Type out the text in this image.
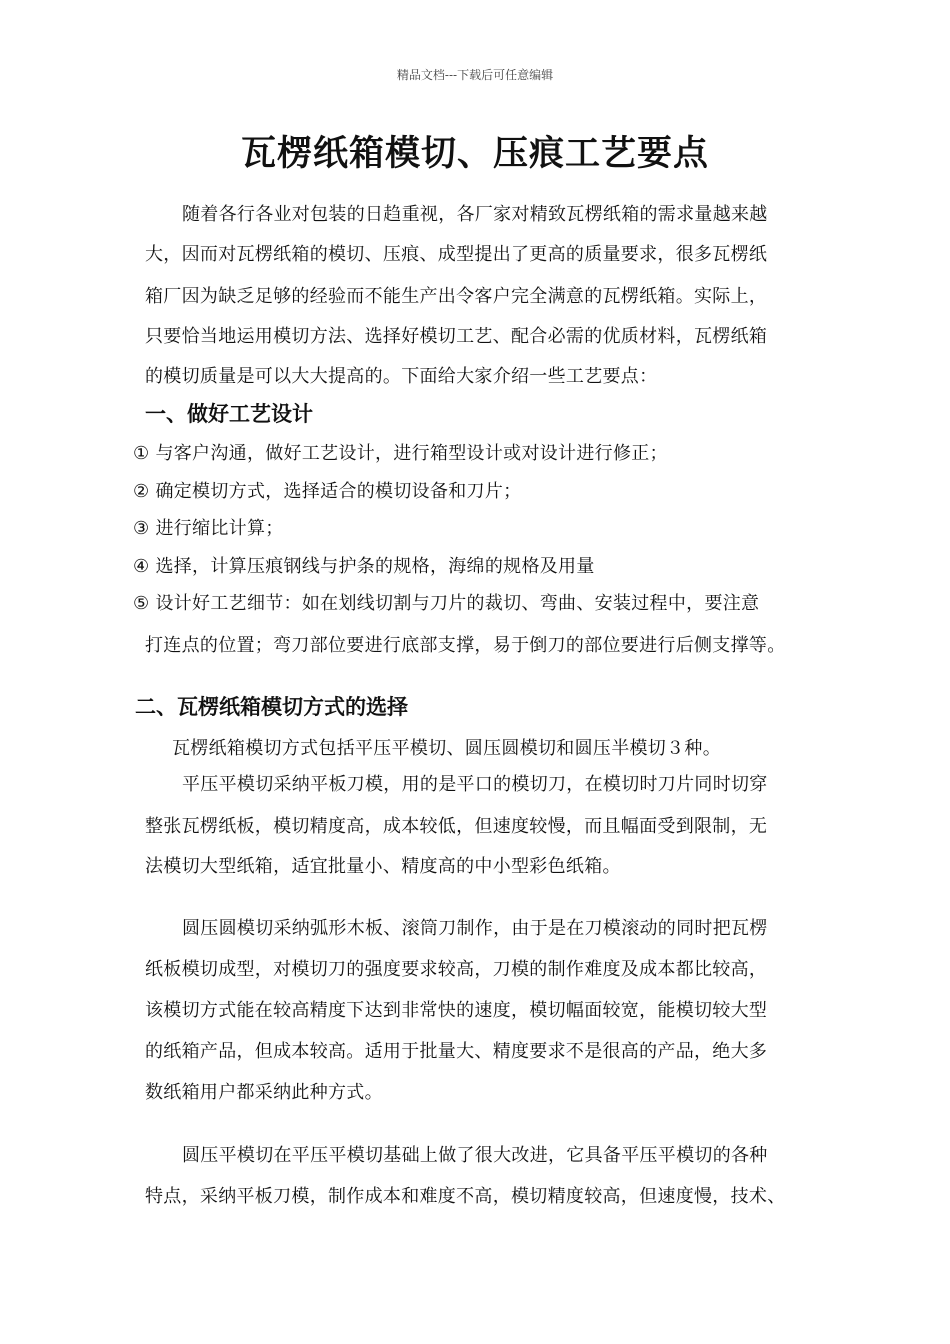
精品文档---下载后可任意编辑
瓦楞纸箱模切、压痕工艺要点

随着各行各业对包装的日趋重视，各厂家对精致瓦楞纸箱的需求量越来越

大，因而对瓦楞纸箱的模切、压痕、成型提出了更高的质量要求，很多瓦楞纸

箱厂因为缺乏足够的经验而不能生产出令客户完全满意的瓦楞纸箱。实际上，

只要恰当地运用模切方法、选择好模切工艺、配合必需的优质材料，瓦楞纸箱

的模切质量是可以大大提高的。下面给大家介绍一些工艺要点：

一、做好工艺设计

① 与客户沟通，做好工艺设计，进行箱型设计或对设计进行修正；

② 确定模切方式，选择适合的模切设备和刀片；

③ 进行缩比计算；

④ 选择，计算压痕钢线与护条的规格，海绵的规格及用量

⑤ 设计好工艺细节：如在划线切割与刀片的裁切、弯曲、安装过程中，要注意

打连点的位置；弯刀部位要进行底部支撑，易于倒刀的部位要进行后侧支撑等。

二、瓦楞纸箱模切方式的选择

瓦楞纸箱模切方式包括平压平模切、圆压圆模切和圆压半模切３种。

平压平模切采纳平板刀模，用的是平口的模切刀，在模切时刀片同时切穿

整张瓦楞纸板，模切精度高，成本较低，但速度较慢，而且幅面受到限制，无

法模切大型纸箱，适宜批量小、精度高的中小型彩色纸箱。

圆压圆模切采纳弧形木板、滚筒刀制作，由于是在刀模滚动的同时把瓦楞

纸板模切成型，对模切刀的强度要求较高，刀模的制作难度及成本都比较高，

该模切方式能在较高精度下达到非常快的速度，模切幅面较宽，能模切较大型

的纸箱产品，但成本较高。适用于批量大、精度要求不是很高的产品，绝大多

数纸箱用户都采纳此种方式。

圆压平模切在平压平模切基础上做了很大改进，它具备平压平模切的各种

特点，采纳平板刀模，制作成本和难度不高，模切精度较高，但速度慢，技术、
